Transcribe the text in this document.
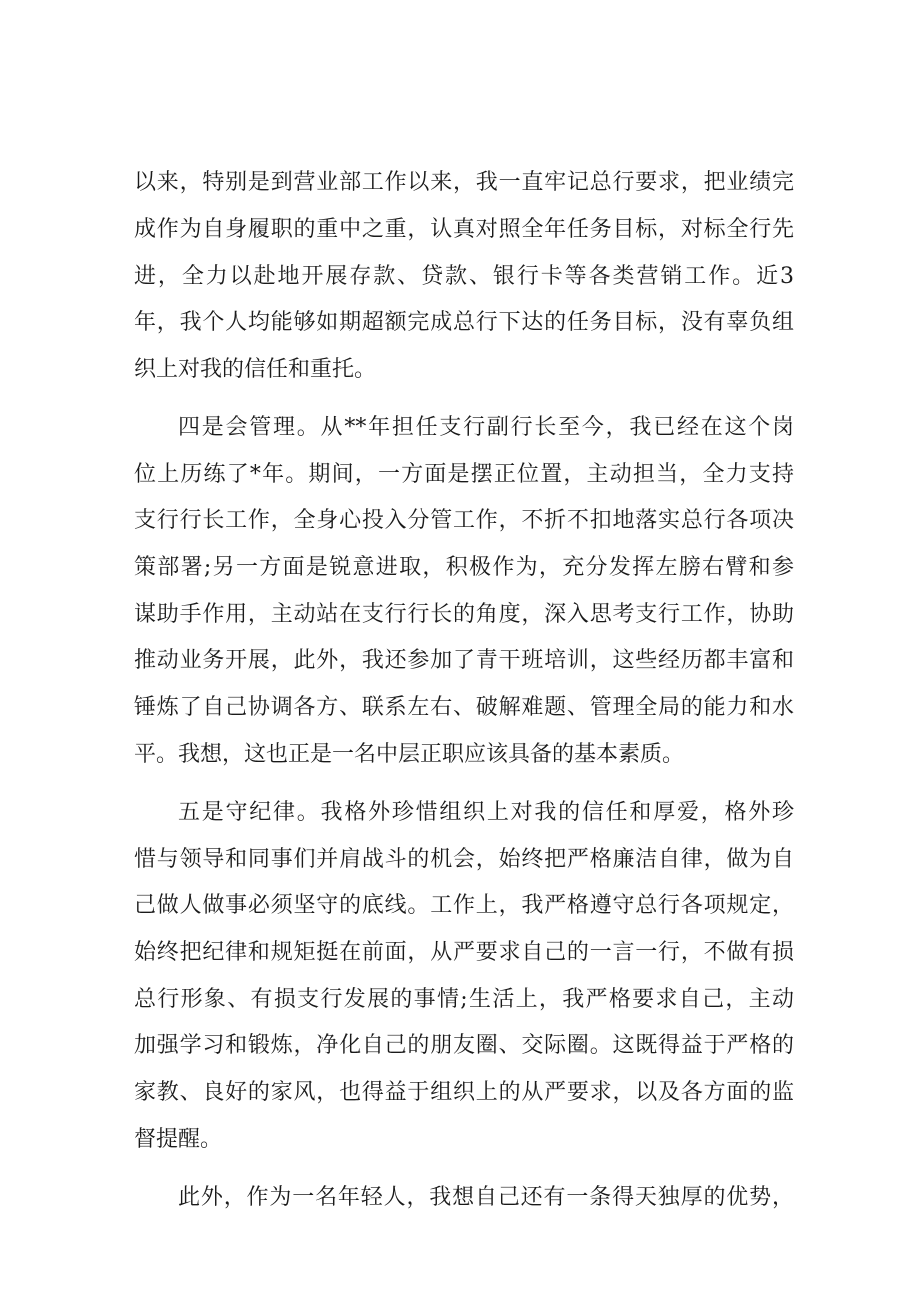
以来，特别是到营业部工作以来，我一直牢记总行要求，把业绩完
成作为自身履职的重中之重，认真对照全年任务目标，对标全行先
进，全力以赴地开展存款、贷款、银行卡等各类营销工作。近3
年，我个人均能够如期超额完成总行下达的任务目标，没有辜负组
织上对我的信任和重托。
四是会管理。从**年担任支行副行长至今，我已经在这个岗
位上历练了*年。期间，一方面是摆正位置，主动担当，全力支持
支行行长工作，全身心投入分管工作，不折不扣地落实总行各项决
策部署;另一方面是锐意进取，积极作为，充分发挥左膀右臂和参
谋助手作用，主动站在支行行长的角度，深入思考支行工作，协助
推动业务开展，此外，我还参加了青干班培训，这些经历都丰富和
锤炼了自己协调各方、联系左右、破解难题、管理全局的能力和水
平。我想，这也正是一名中层正职应该具备的基本素质。
五是守纪律。我格外珍惜组织上对我的信任和厚爱，格外珍
惜与领导和同事们并肩战斗的机会，始终把严格廉洁自律，做为自
己做人做事必须坚守的底线。工作上，我严格遵守总行各项规定，
始终把纪律和规矩挺在前面，从严要求自己的一言一行，不做有损
总行形象、有损支行发展的事情;生活上，我严格要求自己，主动
加强学习和锻炼，净化自己的朋友圈、交际圈。这既得益于严格的
家教、良好的家风，也得益于组织上的从严要求，以及各方面的监
督提醒。
此外，作为一名年轻人，我想自己还有一条得天独厚的优势，
